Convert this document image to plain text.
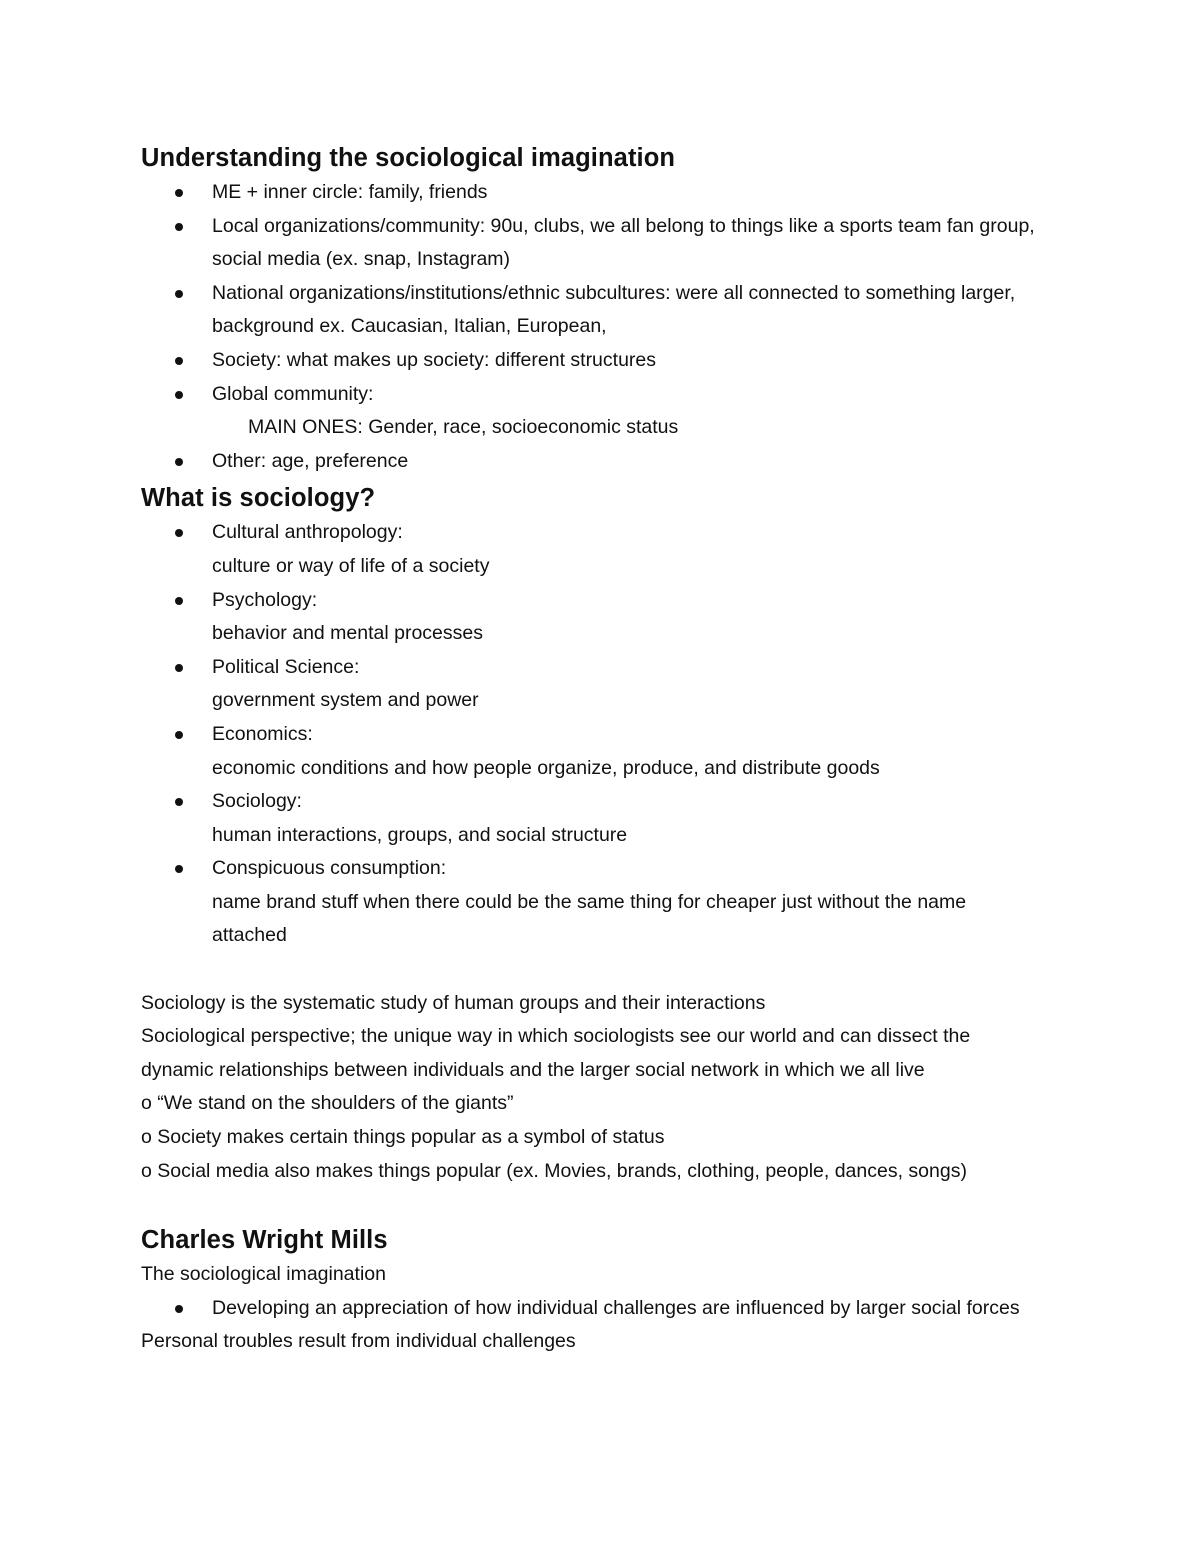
Understanding the sociological imagination
ME + inner circle: family, friends
Local organizations/community: 90u, clubs, we all belong to things like a sports team fan group, social media (ex. snap, Instagram)
National organizations/institutions/ethnic subcultures: were all connected to something larger, background ex. Caucasian, Italian, European,
Society: what makes up society: different structures
Global community:
MAIN ONES: Gender, race, socioeconomic status
Other: age, preference
What is sociology?
Cultural anthropology:
culture or way of life of a society
Psychology:
behavior and mental processes
Political Science:
government system and power
Economics:
economic conditions and how people organize, produce, and distribute goods
Sociology:
human interactions, groups, and social structure
Conspicuous consumption:
name brand stuff when there could be the same thing for cheaper just without the name attached

Sociology is the systematic study of human groups and their interactions

Sociological perspective; the unique way in which sociologists see our world and can dissect the

dynamic relationships between individuals and the larger social network in which we all live

o “We stand on the shoulders of the giants”

o Society makes certain things popular as a symbol of status

o Social media also makes things popular (ex. Movies, brands, clothing, people, dances, songs)

Charles Wright Mills

The sociological imagination

Developing an appreciation of how individual challenges are influenced by larger social forces

Personal troubles result from individual challenges
